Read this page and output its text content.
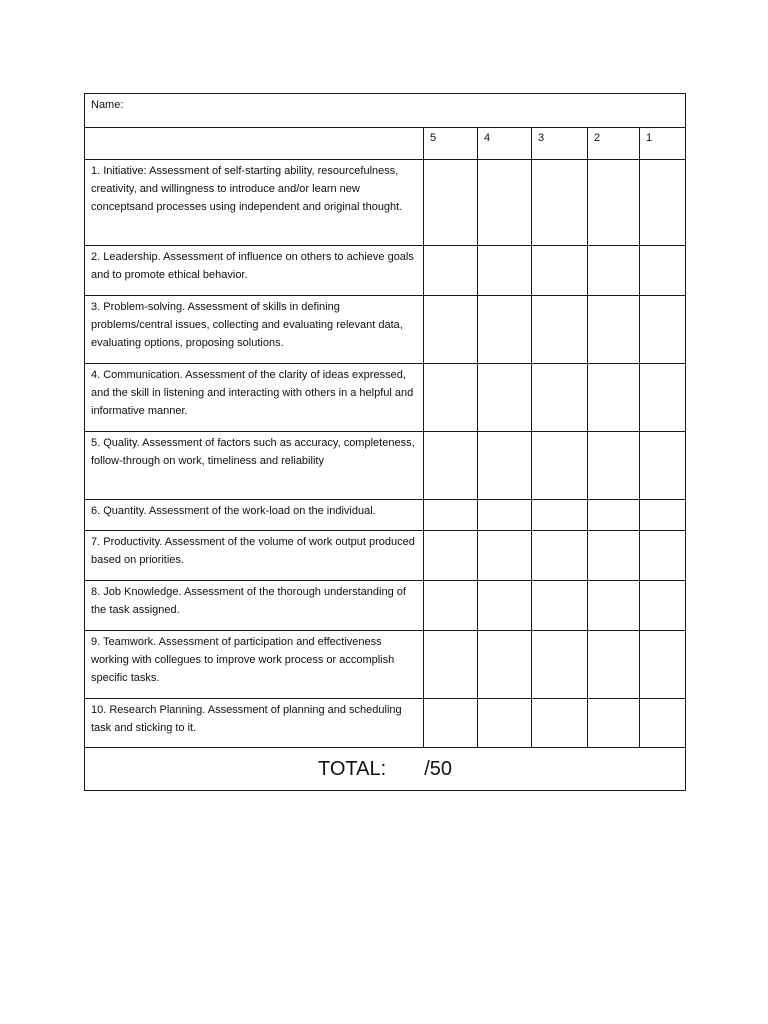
Name:					
	5	4	3	2	1
1. Initiative: Assessment of self-starting ability, resourcefulness, creativity, and willingness to introduce and/or learn new conceptsand processes using independent and original thought.					
2. Leadership. Assessment of influence on others to achieve goals and to promote ethical behavior.					
3. Problem-solving. Assessment of skills in defining problems/central issues, collecting and evaluating relevant data, evaluating options, proposing solutions.					
4. Communication. Assessment of the clarity of ideas expressed, and the skill in listening and interacting with others in a helpful and informative manner.					
5. Quality. Assessment of factors such as accuracy, completeness, follow-through on work, timeliness and reliability					
6. Quantity. Assessment of the work-load on the individual.					
7. Productivity. Assessment of the volume of work output produced based on priorities.					
8. Job Knowledge. Assessment of the thorough understanding of the task assigned.					
9. Teamwork. Assessment of participation and effectiveness working with collegues to improve work process or accomplish specific tasks.					
10. Research Planning. Assessment of planning and scheduling task and sticking to it.					
TOTAL: /50					
